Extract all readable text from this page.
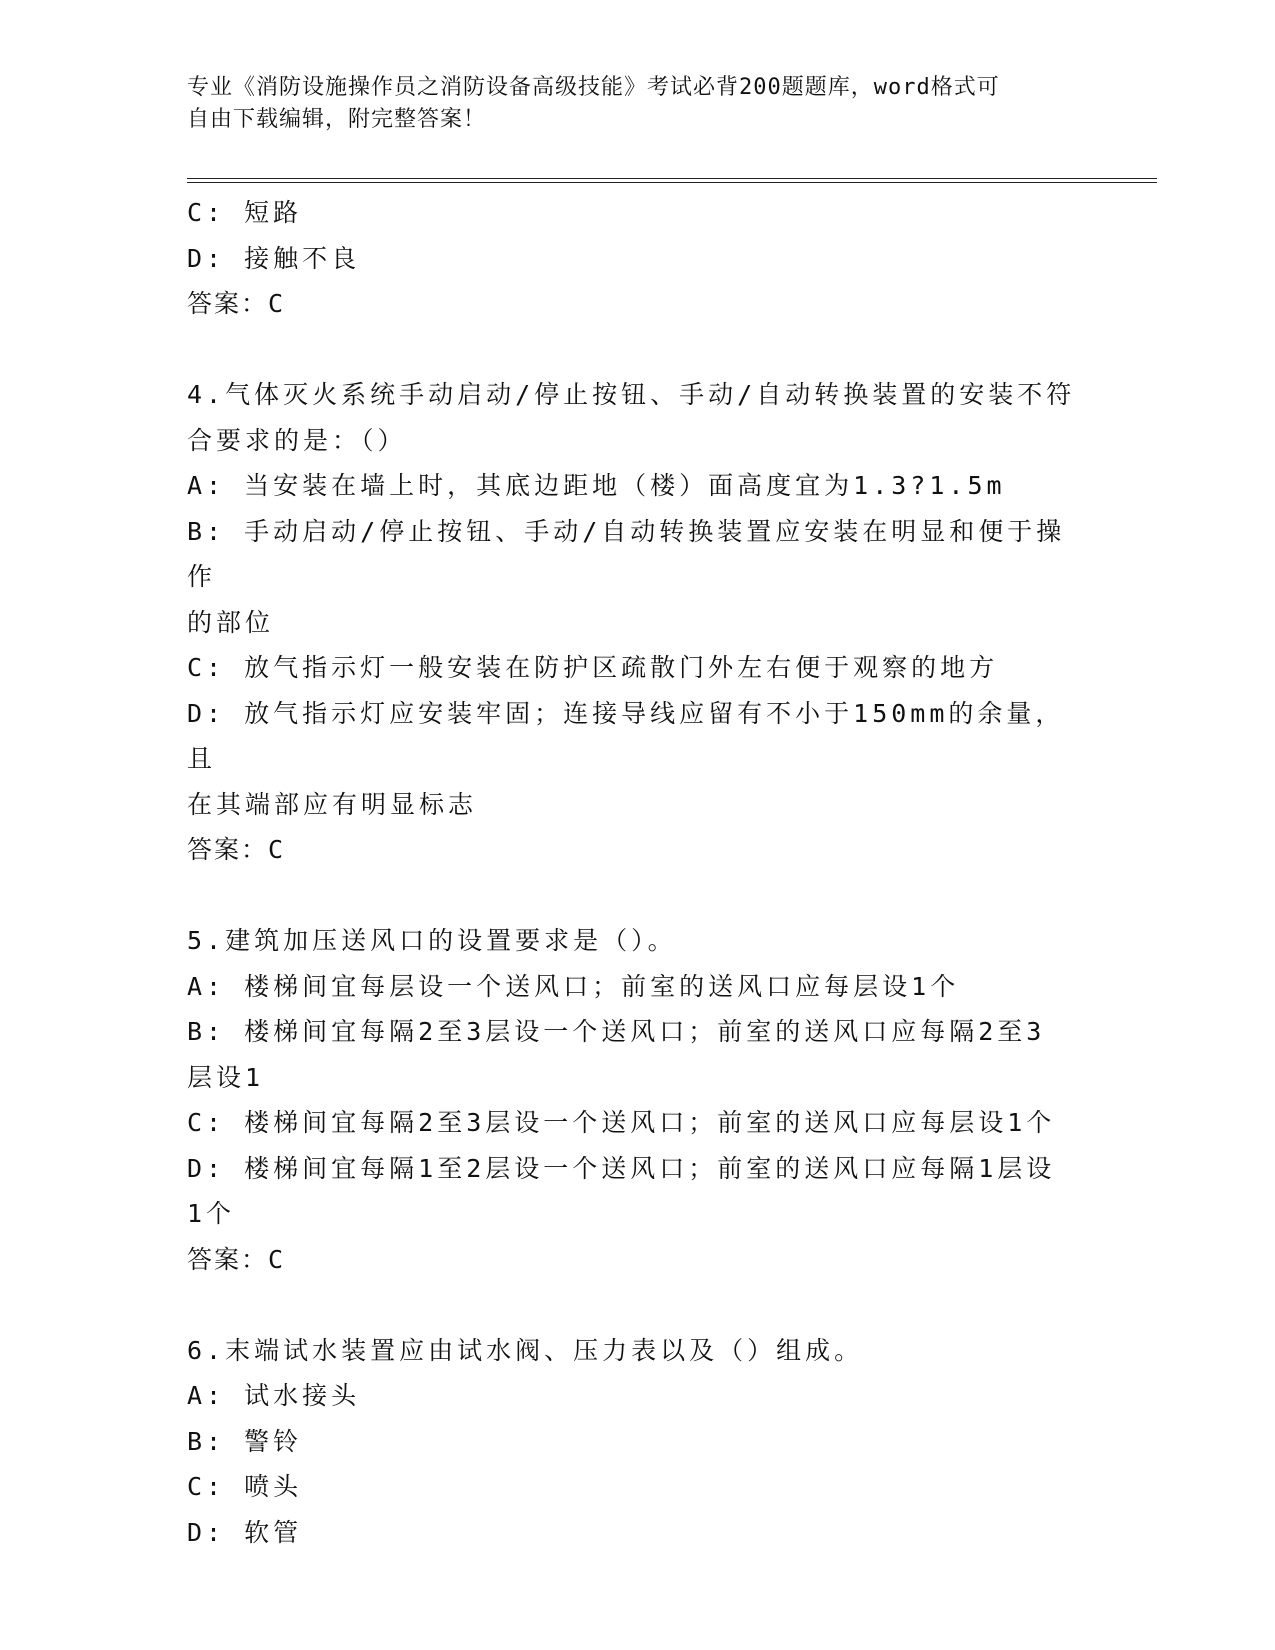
专业《消防设施操作员之消防设备高级技能》考试必背200题题库，word格式可
自由下载编辑，附完整答案！
C: 短路
D: 接触不良
答案：C
4.气体灭火系统手动启动/停止按钮、手动/自动转换装置的安装不符
合要求的是：（）
A: 当安装在墙上时，其底边距地（楼）面高度宜为1.3?1.5m
B: 手动启动/停止按钮、手动/自动转换装置应安装在明显和便于操作
的部位
C: 放气指示灯一般安装在防护区疏散门外左右便于观察的地方
D: 放气指示灯应安装牢固；连接导线应留有不小于150mm的余量，且
在其端部应有明显标志
答案：C
5.建筑加压送风口的设置要求是（）。
A: 楼梯间宜每层设一个送风口；前室的送风口应每层设1个
B: 楼梯间宜每隔2至3层设一个送风口；前室的送风口应每隔2至3
层设1
C: 楼梯间宜每隔2至3层设一个送风口；前室的送风口应每层设1个
D: 楼梯间宜每隔1至2层设一个送风口；前室的送风口应每隔1层设
1个
答案：C
6.末端试水装置应由试水阀、压力表以及（）组成。
A: 试水接头
B: 警铃
C: 喷头
D: 软管
